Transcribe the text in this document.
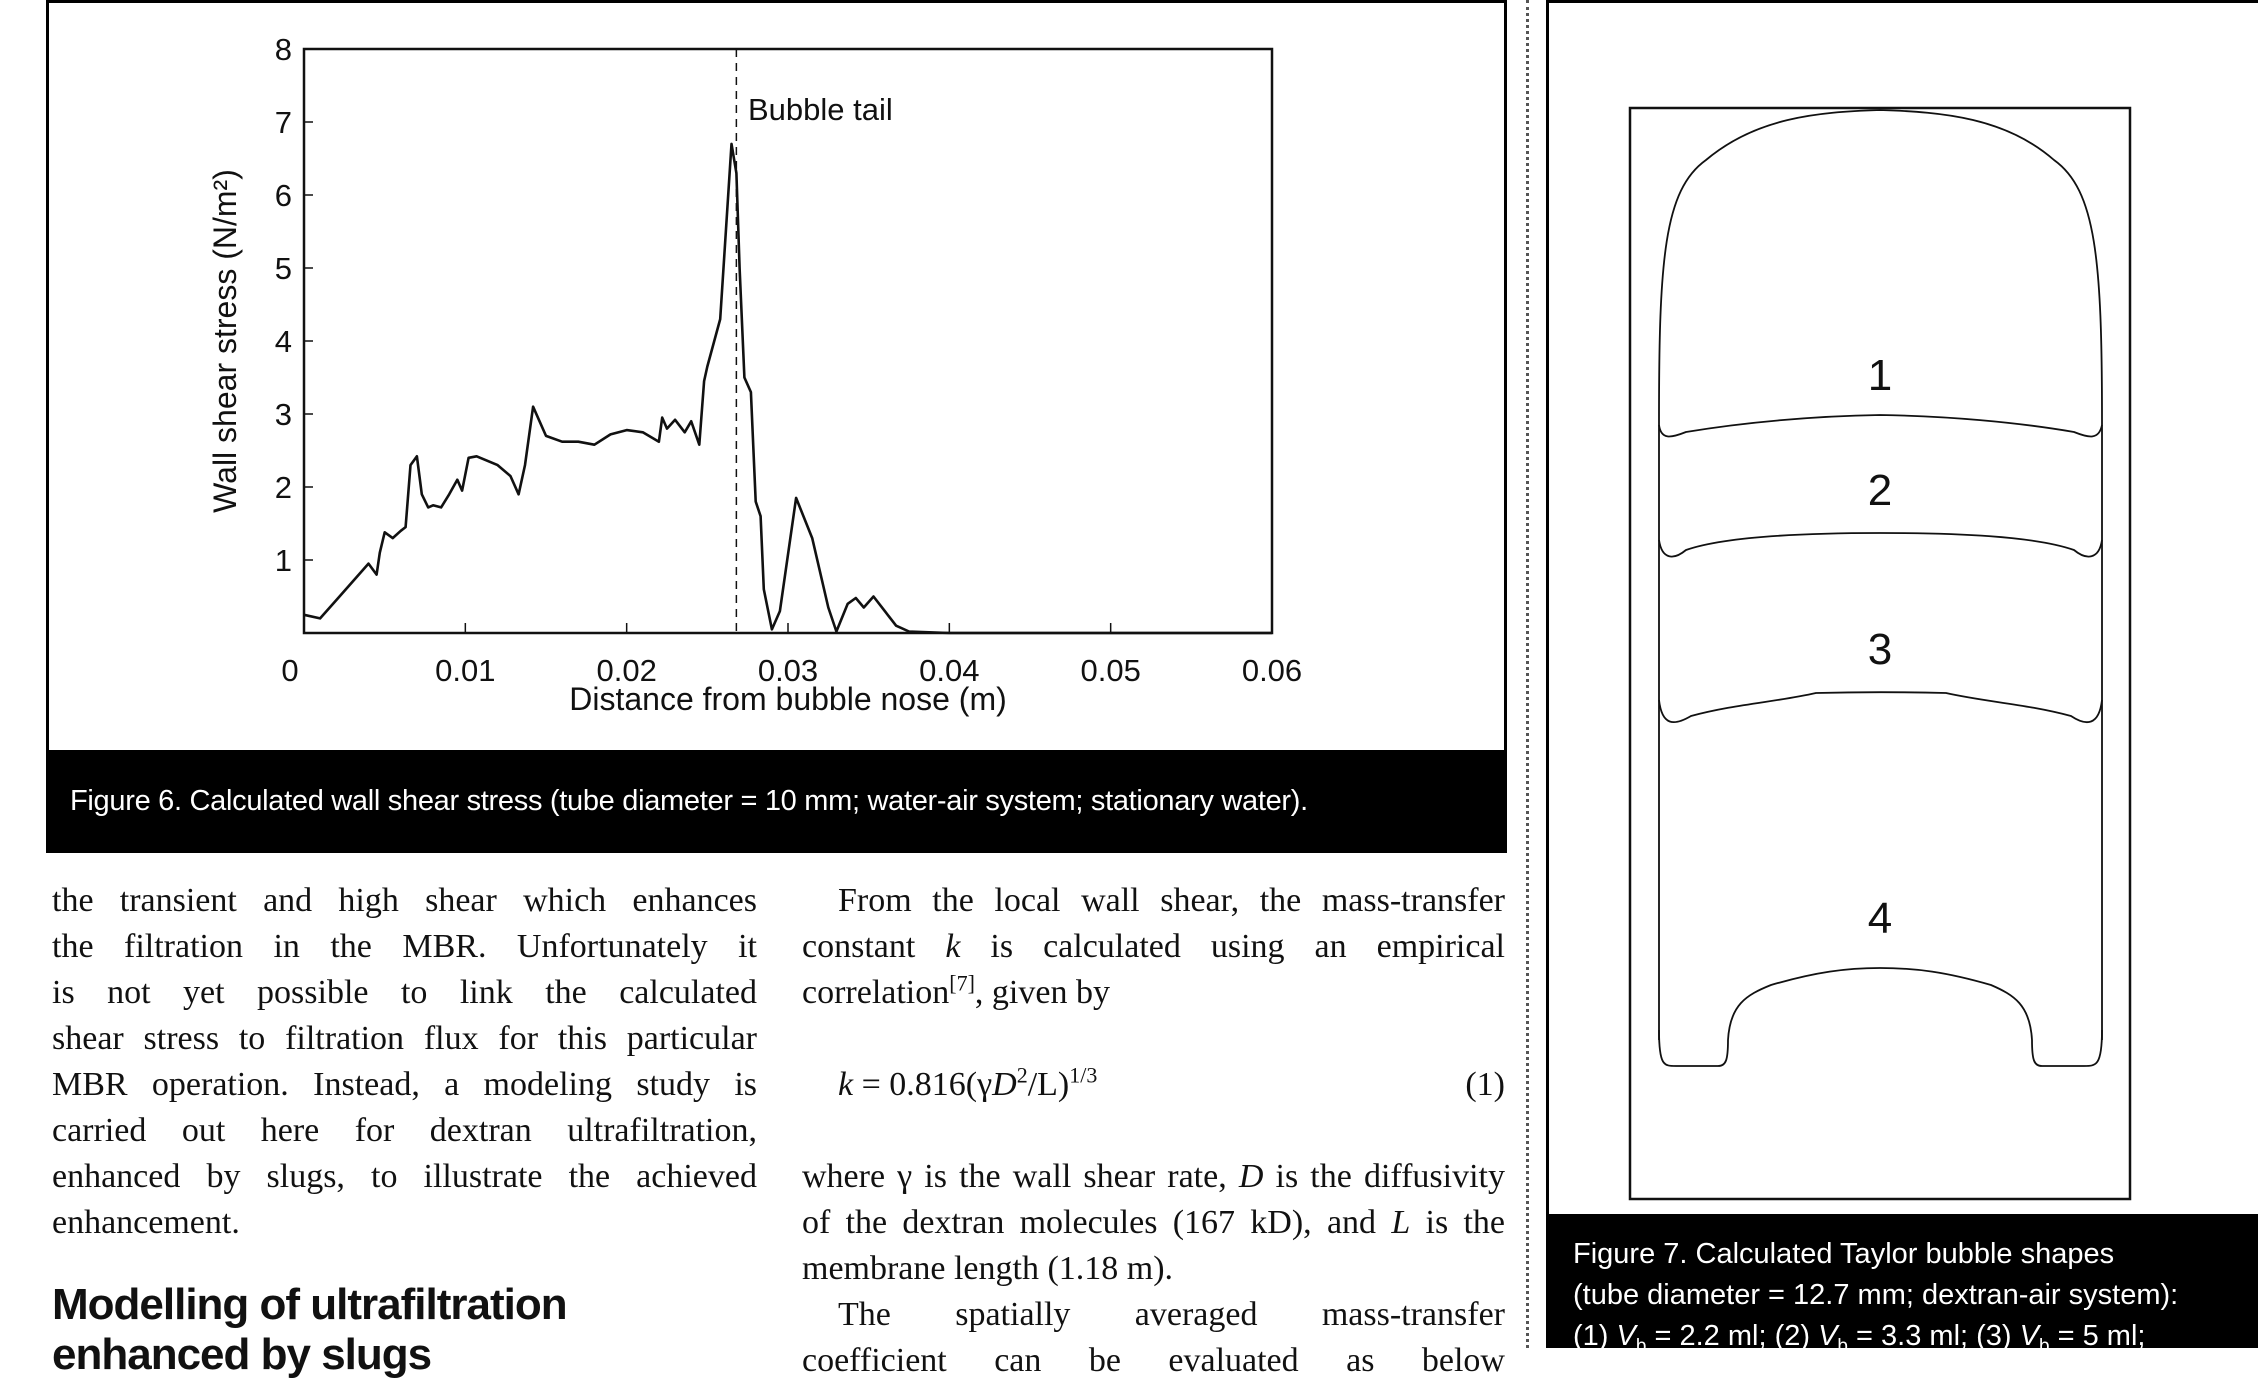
0	0.01	0.02	0.03	0.04	0.05	0.06
1
2
3
4
5
6
7
8
Bubble tail
Distance from bubble nose (m)
Wall shear stress (N/m²)
Figure 6. Calculated wall shear stress (tube diameter = 10 mm; water-air system; stationary water).
1
2
3
4
Figure 7. Calculated Taylor bubble shapes
(tube diameter = 12.7 mm; dextran-air system):
(1) $V_b = 2.2$ ml; (2) $V_b = 3.3$ ml; (3) $V_b = 5$ ml;
the transient and high shear which enhances
the filtration in the MBR. Unfortunately it
is not yet possible to link the calculated
shear stress to filtration flux for this particular
MBR operation. Instead, a modeling study is
carried out here for dextran ultrafiltration,
enhanced by slugs, to illustrate the achieved
enhancement.
Modelling of ultrafiltration
enhanced by slugs
From the local wall shear, the mass-transfer
constant k is calculated using an empirical
correlation[7], given by
$k = 0.816(\gamma D^2/L)^{1/3}$	(1)
where γ is the wall shear rate, D is the diffusivity
of the dextran molecules (167 kD), and L is the
membrane length (1.18 m).
The spatially averaged mass-transfer
coefficient can be evaluated as below
